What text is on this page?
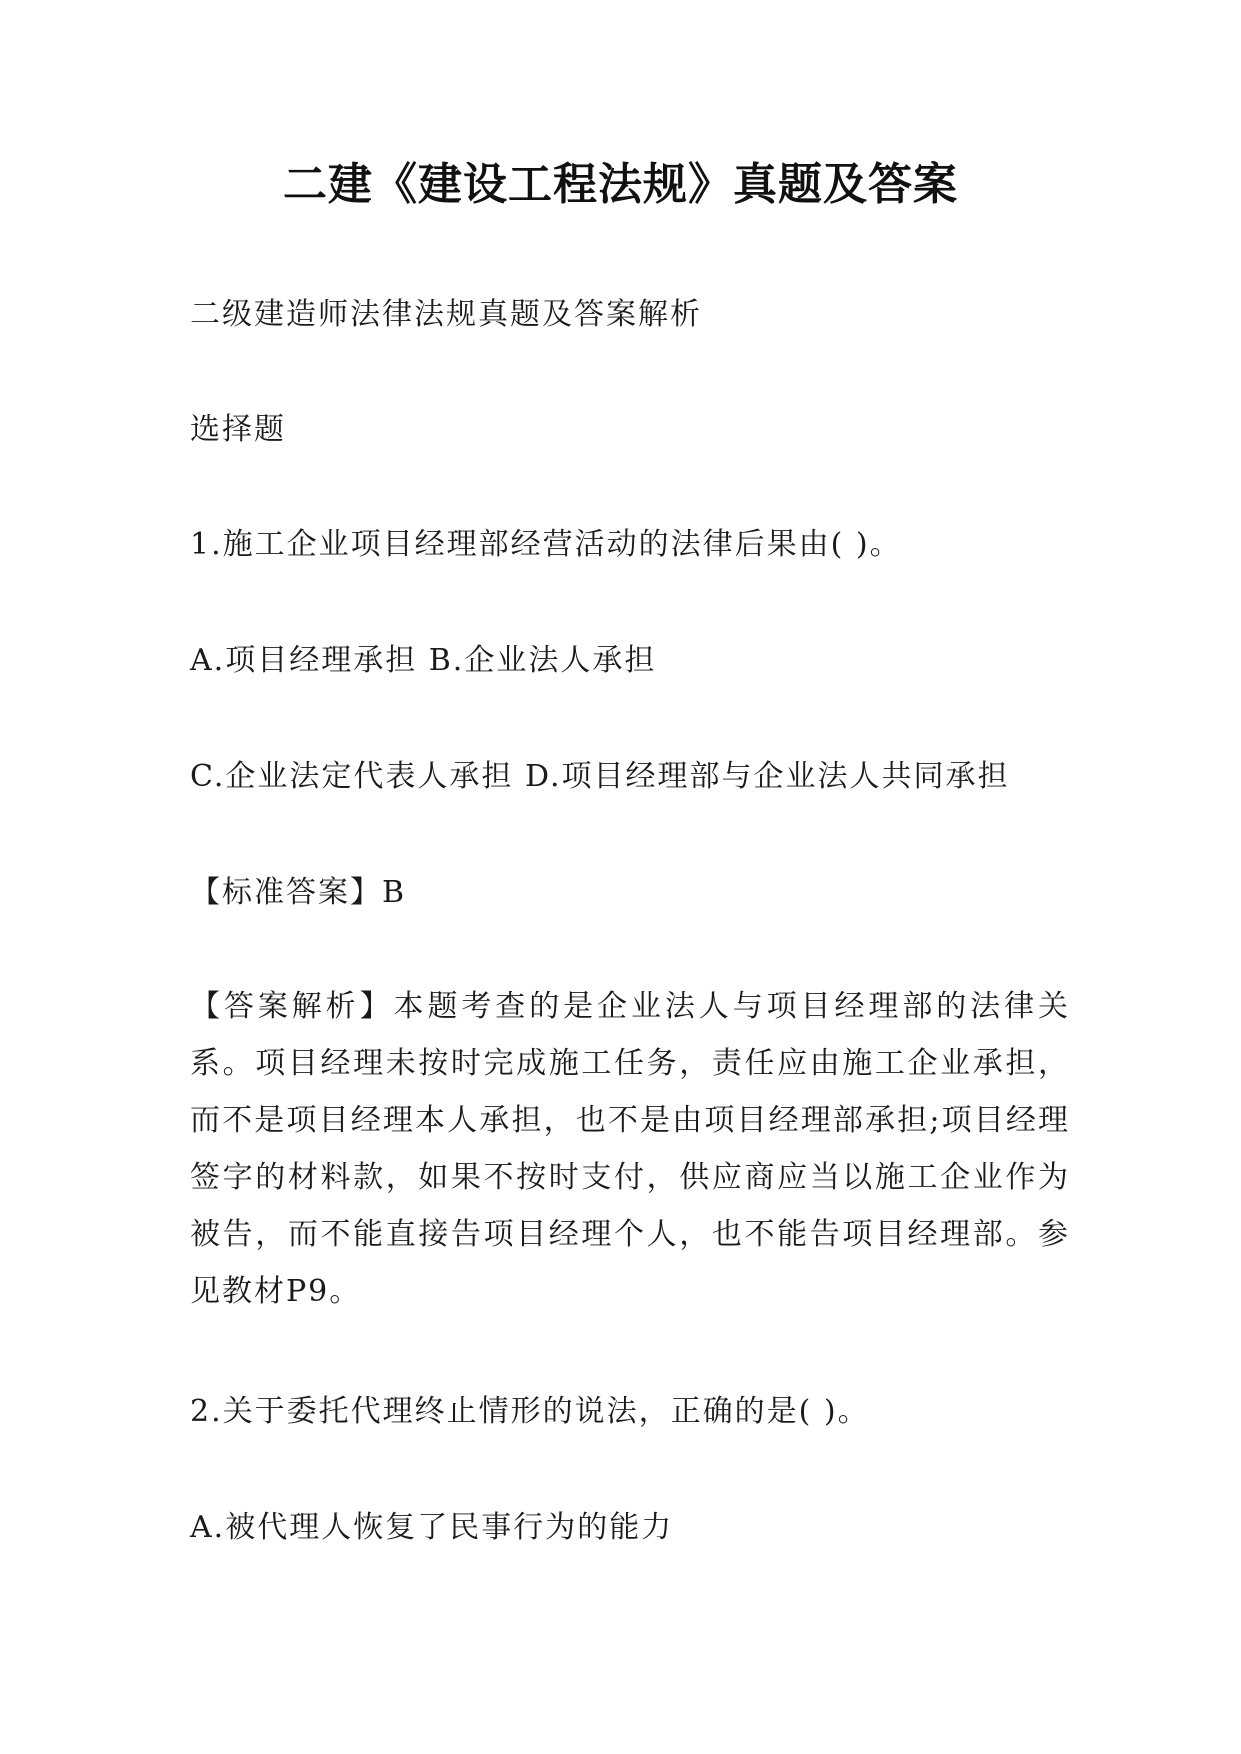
二建《建设工程法规》真题及答案
二级建造师法律法规真题及答案解析
选择题
1.施工企业项目经理部经营活动的法律后果由( )。
A.项目经理承担 B.企业法人承担
C.企业法定代表人承担 D.项目经理部与企业法人共同承担
【标准答案】B
【答案解析】本题考查的是企业法人与项目经理部的法律关系。项目经理未按时完成施工任务，责任应由施工企业承担，而不是项目经理本人承担，也不是由项目经理部承担;项目经理签字的材料款，如果不按时支付，供应商应当以施工企业作为被告，而不能直接告项目经理个人，也不能告项目经理部。参见教材P9。
2.关于委托代理终止情形的说法，正确的是( )。
A.被代理人恢复了民事行为的能力
